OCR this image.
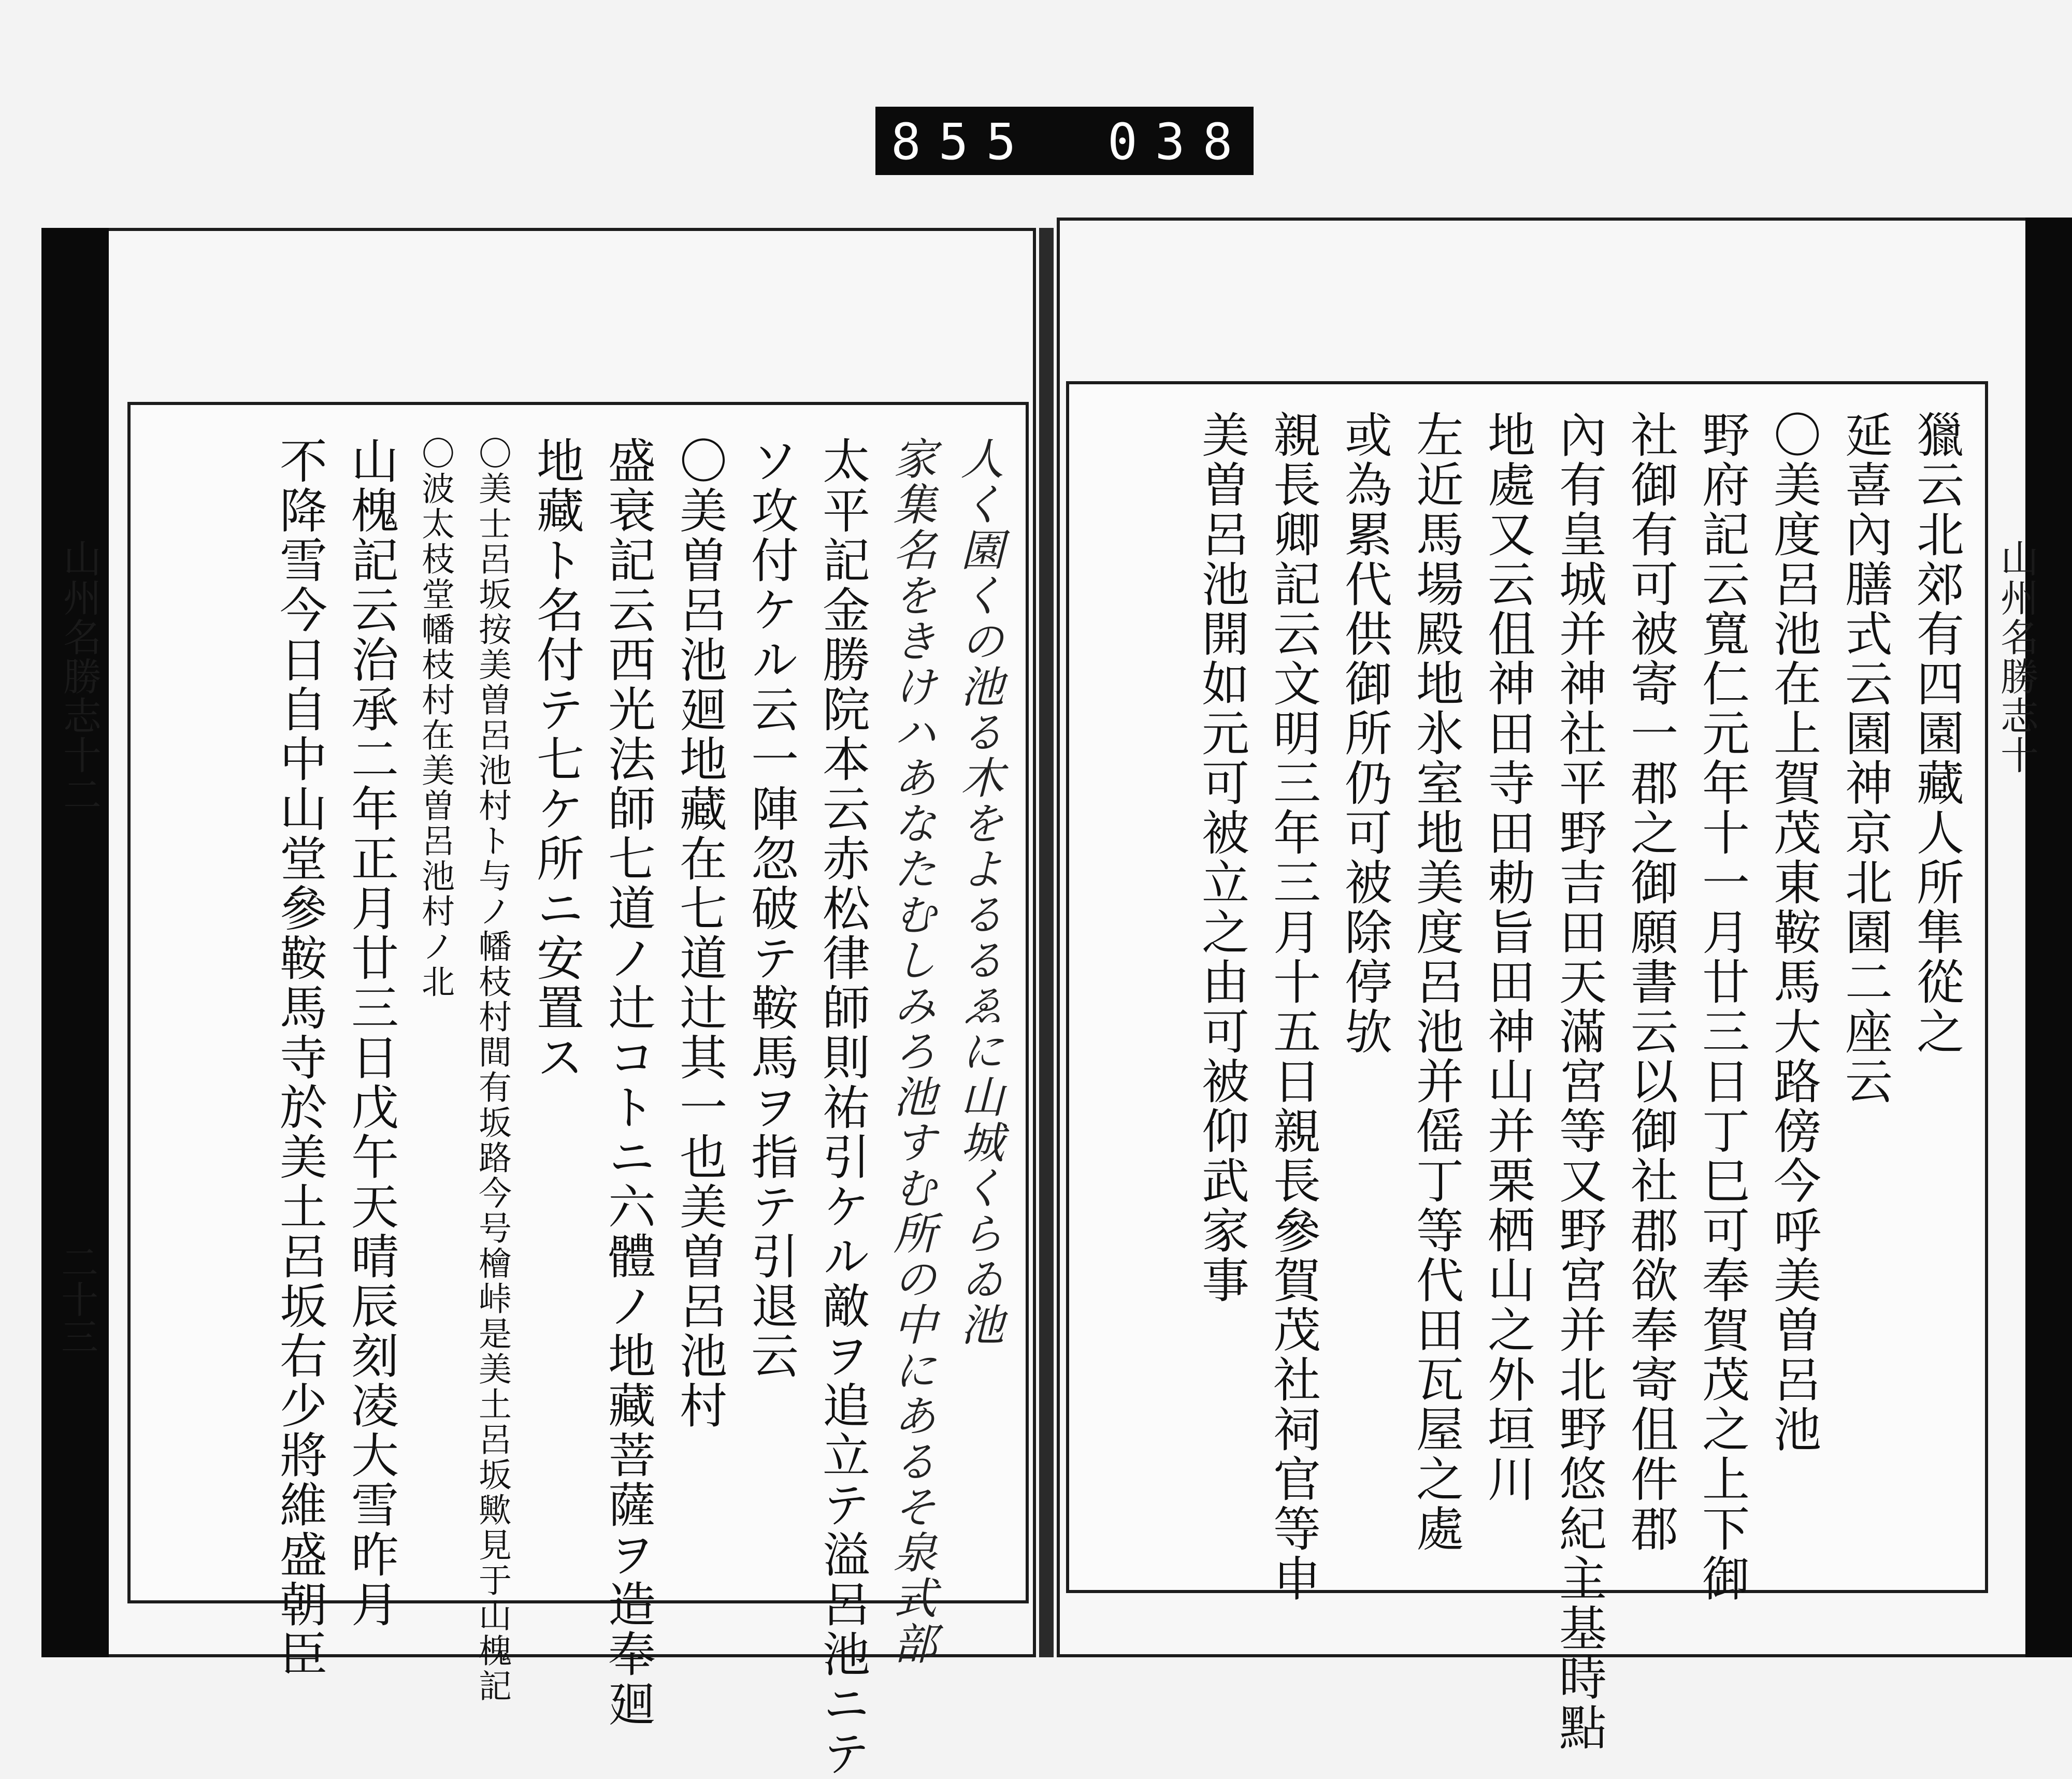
855 038
人く園くの池る木をよるるゑに山城くらゐ池
家集名をきけハあなたむしみろ池すむ所の中にあるそ泉式部
太平記金勝院本云赤松律師則祐引ケル敵ヲ追立テ溢呂池ニテ
ソ攻付ケル云一陣忽破テ鞍馬ヲ指テ引退云
〇美曽呂池廻地藏在七道辻其一也美曽呂池村
盛衰記云西光法師七道ノ辻コトニ六體ノ地藏菩薩ヲ造奉廻
地藏ト名付テ七ケ所ニ安置ス
〇美士呂坂按美曽呂池村ト与ノ幡枝村間有坂路今号檜峠是美土呂坂歟見于山槐記
〇波太枝堂幡枝村在美曽呂池村ノ北
山槐記云治承二年正月廿三日戊午天晴辰刻凌大雪昨月
不降雪今日自中山堂參鞍馬寺於美土呂坂右少將維盛朝臣	獵云北郊有四園藏人所隼從之
延喜內膳式云園神京北園二座云
〇美度呂池在上賀茂東鞍馬大路傍今呼美曽呂池
野府記云寬仁元年十一月廿三日丁巳可奉賀茂之上下御
社御有可被寄一郡之御願書云以御社郡欲奉寄伹件郡
內有皇城并神社平野吉田天滿宮等又野宮并北野悠紀主基時點
地處又云伹神田寺田勅旨田神山并栗栖山之外垣川
左近馬場殿地氷室地美度呂池并傜丁等代田瓦屋之處
或為累代供御所仍可被除停欤
親長卿記云文明三年三月十五日親長參賀茂社祠官等申
美曽呂池開如元可被立之由可被仰武家事
山州名勝志十二	山州名勝志十
二十三
